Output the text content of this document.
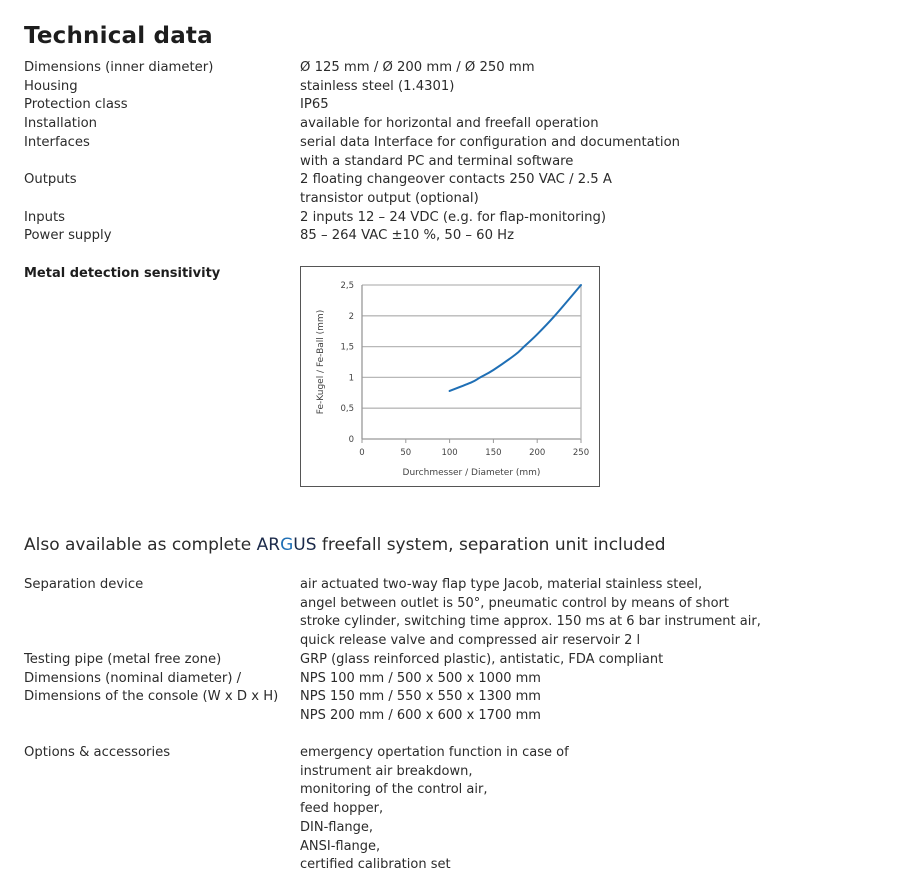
Technical data
Dimensions (inner diameter)	Ø 125 mm / Ø 200 mm / Ø 250 mm
Housing	stainless steel (1.4301)
Protection class	IP65
Installation	available for horizontal and freefall operation
Interfaces	serial data Interface for configuration and documentation
with a standard PC and terminal software
Outputs	2 floating changeover contacts 250 VAC / 2.5 A
transistor output (optional)
Inputs	2 inputs 12 – 24 VDC (e.g. for flap-monitoring)
Power supply	85 – 264 VAC ±10 %, 50 – 60 Hz
Metal detection sensitivity
0
0,5
1
1,5
2
2,5
0	50	100	150	200	250
Durchmesser / Diameter (mm)
Fe-Kugel / Fe-Ball (mm)
Also available as complete ARGUS freefall system, separation unit included
Separation device	air actuated two-way flap type Jacob, material stainless steel,
angel between outlet is 50°, pneumatic control by means of short
stroke cylinder, switching time approx. 150 ms at 6 bar instrument air,
quick release valve and compressed air reservoir 2 l
Testing pipe (metal free zone)	GRP (glass reinforced plastic), antistatic, FDA compliant
Dimensions (nominal diameter) /	NPS 100 mm / 500 x 500 x 1000 mm
Dimensions of the console (W x D x H)	NPS 150 mm / 550 x 550 x 1300 mm
NPS 200 mm / 600 x 600 x 1700 mm
Options & accessories	emergency opertation function in case of
instrument air breakdown,
monitoring of the control air,
feed hopper,
DIN-flange,
ANSI-flange,
certified calibration set
